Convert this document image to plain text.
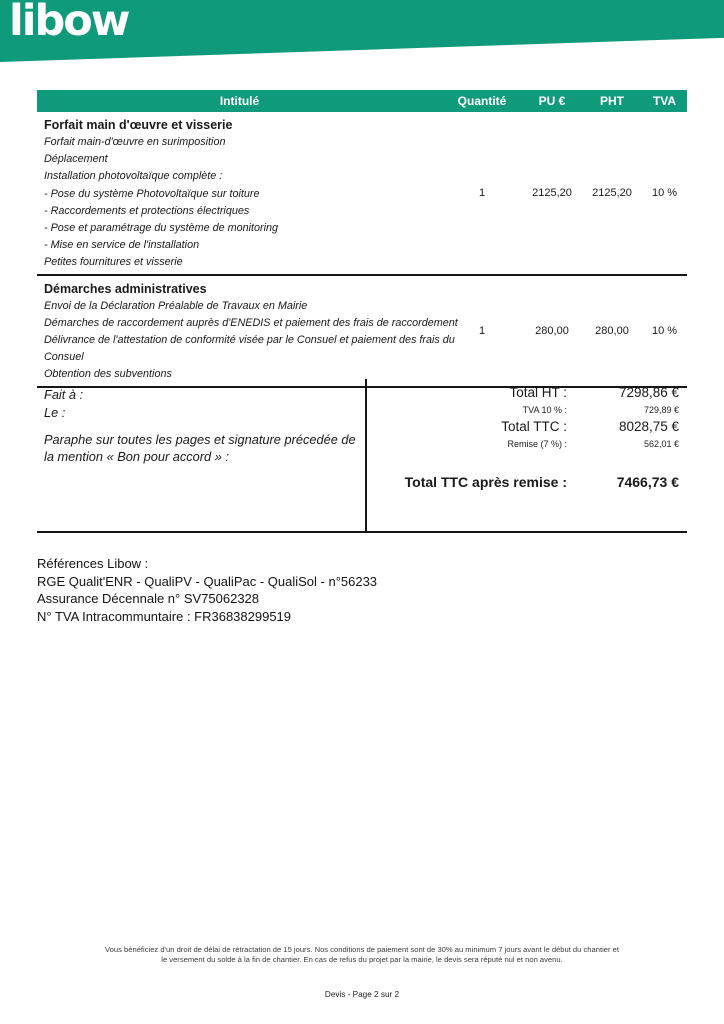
libow
Intitulé	Quantité	PU €	PHT	TVA
Forfait main d'œuvre et visserie
Forfait main-d'œuvre en surimposition
Déplacement
Installation photovoltaïque complète :
- Pose du système Photovoltaïque sur toiture
- Raccordements et protections électriques
- Pose et paramétrage du système de monitoring
- Mise en service de l'installation
Petites fournitures et visserie
1	2125,20	2125,20	10 %
Démarches administratives
Envoi de la Déclaration Préalable de Travaux en Mairie
Démarches de raccordement auprès d'ENEDIS et paiement des frais de raccordement
Délivrance de l'attestation de conformité visée par le Consuel et paiement des frais du
Consuel
Obtention des subventions
1	280,00	280,00	10 %
Fait à :
Le :
Paraphe sur toutes les pages et signature précedée de la mention « Bon pour accord » :
Total HT :	7298,86 €
TVA 10 % :	729,89 €
Total TTC :	8028,75 €
Remise (7 %) :	562,01 €
Total TTC après remise :	7466,73 €
Références Libow :
RGE Qualit'ENR - QualiPV - QualiPac - QualiSol - n°56233
Assurance Décennale n° SV75062328
N° TVA Intracommuntaire : FR36838299519
Vous bénéficiez d'un droit de délai de rétractation de 15 jours. Nos conditions de paiement sont de 30% au minimum 7 jours avant le début du chantier et le versement du solde à la fin de chantier. En cas de refus du projet par la mairie, le devis sera réputé nul et non avenu.
Devis - Page 2 sur 2
